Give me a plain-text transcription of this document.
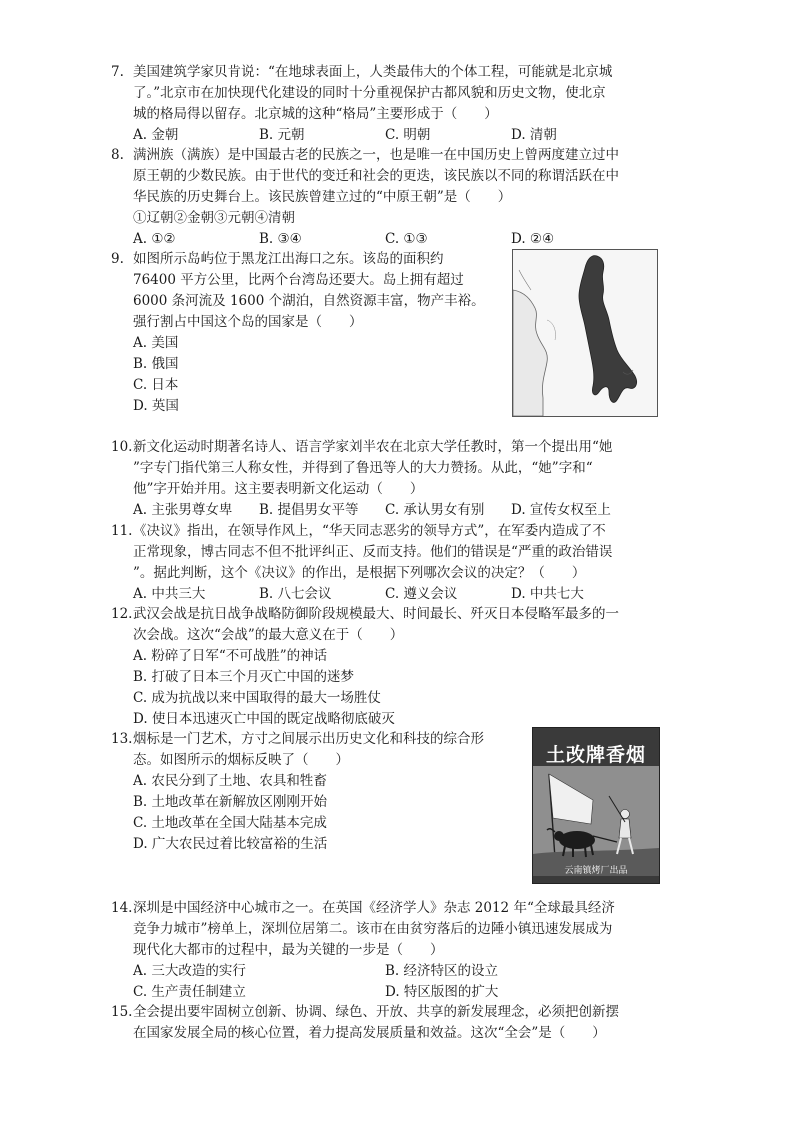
7. 美国建筑学家贝肯说：“在地球表面上，人类最伟大的个体工程，可能就是北京城
了。”北京市在加快现代化建设的同时十分重视保护古都风貌和历史文物，使北京
城的格局得以留存。北京城的这种“格局”主要形成于（　　）
A. 金朝	B. 元朝	C. 明朝	D. 清朝
8. 满洲族（满族）是中国最古老的民族之一，也是唯一在中国历史上曾两度建立过中
原王朝的少数民族。由于世代的变迁和社会的更迭，该民族以不同的称谓活跃在中
华民族的历史舞台上。该民族曾建立过的“中原王朝”是（　　）
①辽朝②金朝③元朝④清朝
A. ①②	B. ③④	C. ①③	D. ②④
9. 如图所示岛屿位于黑龙江出海口之东。该岛的面积约
76400 平方公里，比两个台湾岛还要大。岛上拥有超过
6000 条河流及 1600 个湖泊，自然资源丰富，物产丰裕。
强行割占中国这个岛的国家是（　　）
A. 美国
B. 俄国
C. 日本
D. 英国
10. 新文化运动时期著名诗人、语言学家刘半农在北京大学任教时，第一个提出用“她
”字专门指代第三人称女性，并得到了鲁迅等人的大力赞扬。从此，“她”字和“
他”字开始并用。这主要表明新文化运动（　　）
A. 主张男尊女卑	B. 提倡男女平等	C. 承认男女有别	D. 宣传女权至上
11. 《决议》指出，在领导作风上，“华天同志恶劣的领导方式”，在军委内造成了不
正常现象，博古同志不但不批评纠正、反而支持。他们的错误是“严重的政治错误
”。据此判断，这个《决议》的作出，是根据下列哪次会议的决定？（　　）
A. 中共三大	B. 八七会议	C. 遵义会议	D. 中共七大
12. 武汉会战是抗日战争战略防御阶段规模最大、时间最长、歼灭日本侵略军最多的一
次会战。这次“会战”的最大意义在于（　　）
A. 粉碎了日军“不可战胜”的神话
B. 打破了日本三个月灭亡中国的迷梦
C. 成为抗战以来中国取得的最大一场胜仗
D. 使日本迅速灭亡中国的既定战略彻底破灭
13. 烟标是一门艺术，方寸之间展示出历史文化和科技的综合形
态。如图所示的烟标反映了（　　）
A. 农民分到了土地、农具和牲畜
B. 土地改革在新解放区刚刚开始
C. 土地改革在全国大陆基本完成
D. 广大农民过着比较富裕的生活
土改牌香烟
云南镇烤厂出品
14. 深圳是中国经济中心城市之一。在英国《经济学人》杂志 2012 年“全球最具经济
竞争力城市”榜单上，深圳位居第二。该市在由贫穷落后的边陲小镇迅速发展成为
现代化大都市的过程中，最为关键的一步是（　　）
A. 三大改造的实行	B. 经济特区的设立
C. 生产责任制建立	D. 特区版图的扩大
15. 全会提出要牢固树立创新、协调、绿色、开放、共享的新发展理念，必须把创新摆
在国家发展全局的核心位置，着力提高发展质量和效益。这次“全会”是（　　）
